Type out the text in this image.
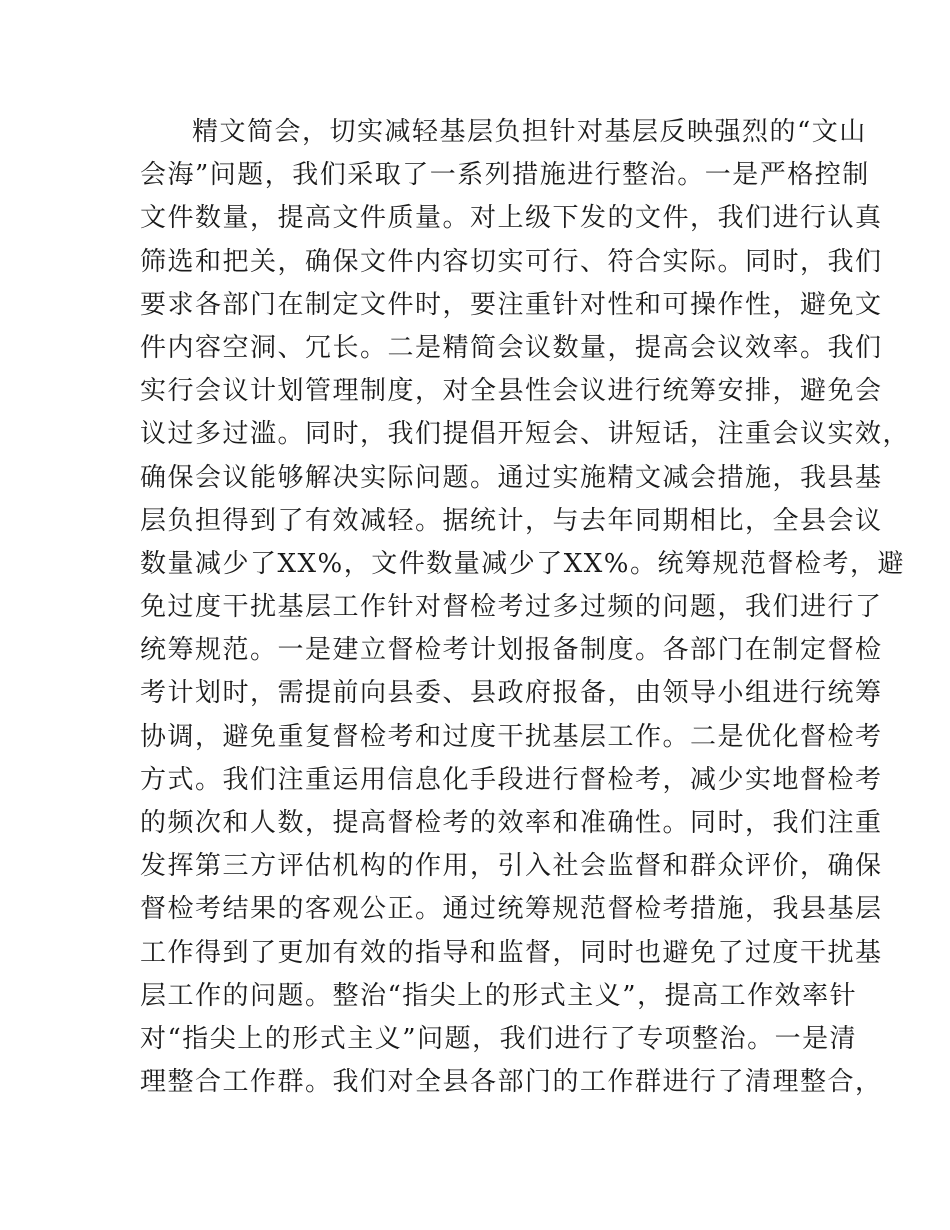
精文简会，切实减轻基层负担针对基层反映强烈的“文山
会海”问题，我们采取了一系列措施进行整治。一是严格控制
文件数量，提高文件质量。对上级下发的文件，我们进行认真
筛选和把关，确保文件内容切实可行、符合实际。同时，我们
要求各部门在制定文件时，要注重针对性和可操作性，避免文
件内容空洞、冗长。二是精简会议数量，提高会议效率。我们
实行会议计划管理制度，对全县性会议进行统筹安排，避免会
议过多过滥。同时，我们提倡开短会、讲短话，注重会议实效，
确保会议能够解决实际问题。通过实施精文减会措施，我县基
层负担得到了有效减轻。据统计，与去年同期相比，全县会议
数量减少了XX%，文件数量减少了XX%。统筹规范督检考，避
免过度干扰基层工作针对督检考过多过频的问题，我们进行了
统筹规范。一是建立督检考计划报备制度。各部门在制定督检
考计划时，需提前向县委、县政府报备，由领导小组进行统筹
协调，避免重复督检考和过度干扰基层工作。二是优化督检考
方式。我们注重运用信息化手段进行督检考，减少实地督检考
的频次和人数，提高督检考的效率和准确性。同时，我们注重
发挥第三方评估机构的作用，引入社会监督和群众评价，确保
督检考结果的客观公正。通过统筹规范督检考措施，我县基层
工作得到了更加有效的指导和监督，同时也避免了过度干扰基
层工作的问题。整治“指尖上的形式主义”，提高工作效率针
对“指尖上的形式主义”问题，我们进行了专项整治。一是清
理整合工作群。我们对全县各部门的工作群进行了清理整合，
